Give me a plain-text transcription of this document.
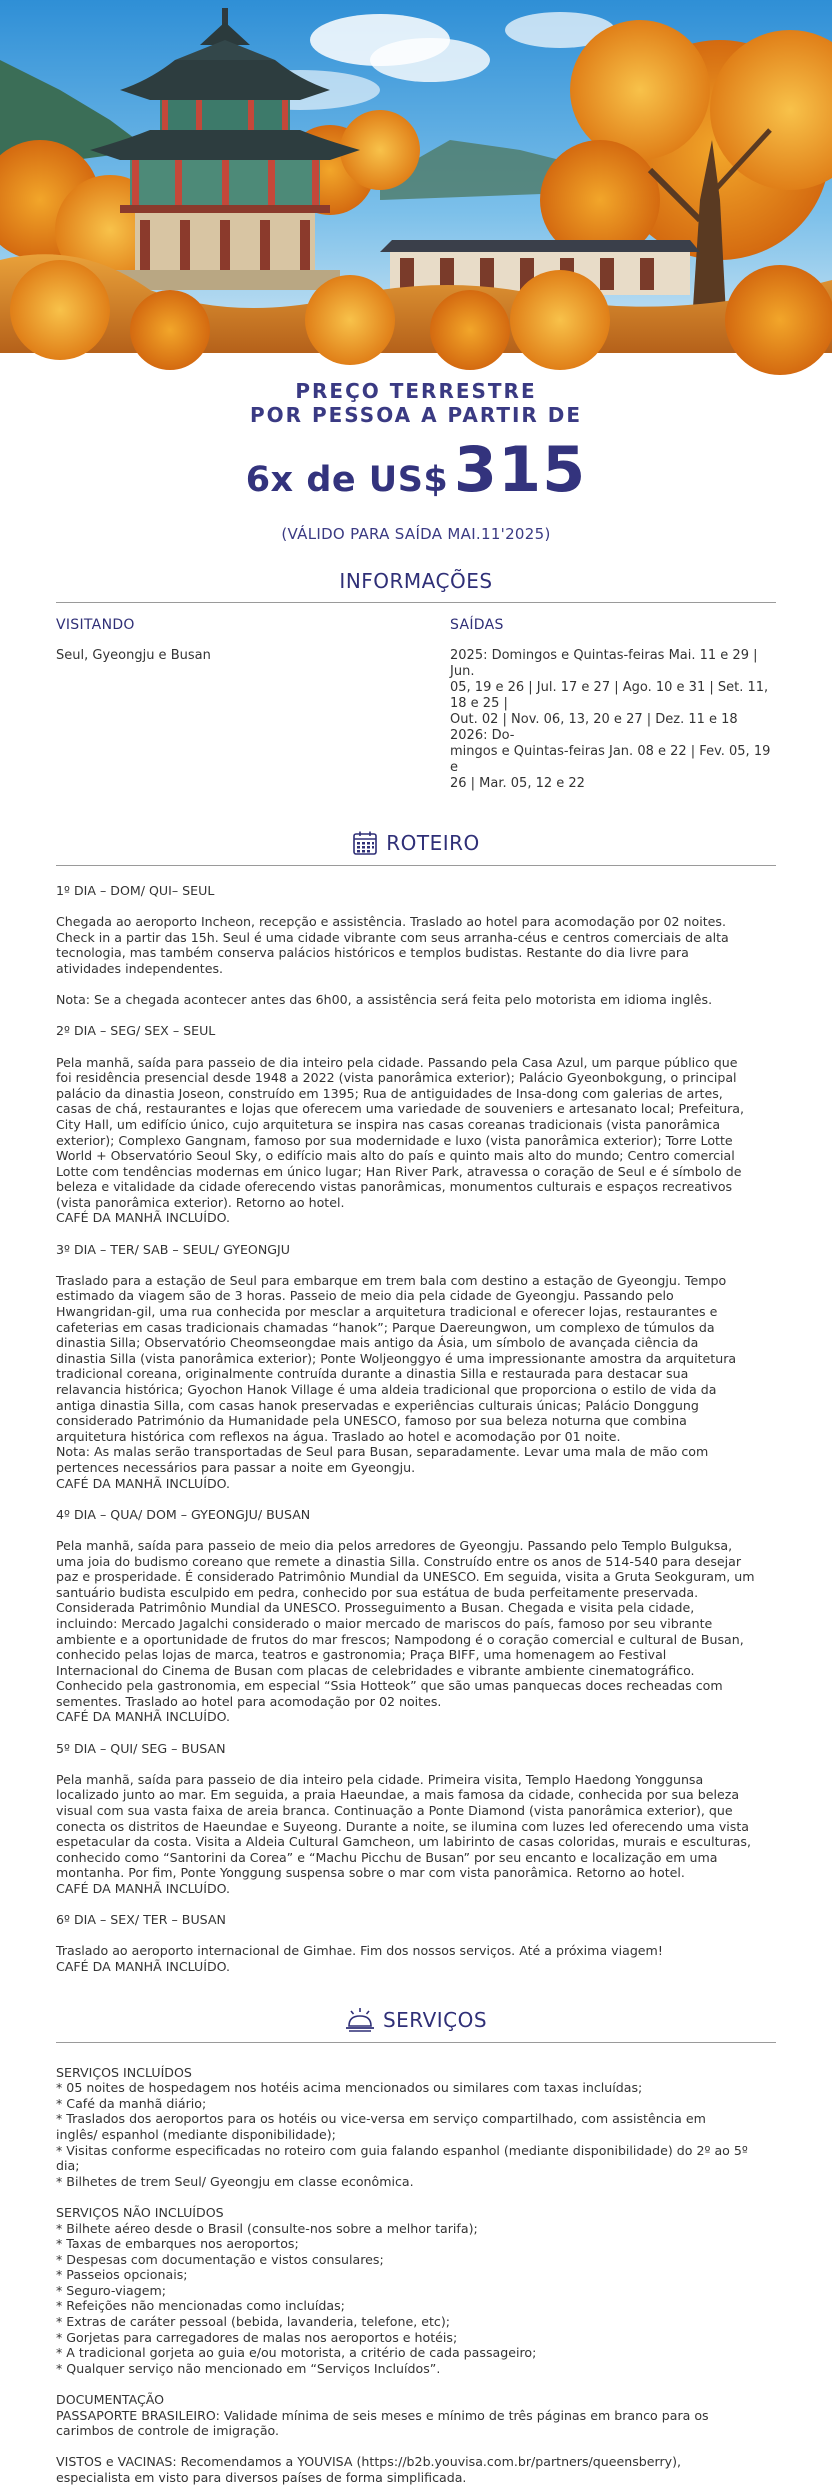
PREÇO TERRESTRE
POR PESSOA A PARTIR DE
6x de US$ 315
(VÁLIDO PARA SAÍDA MAI.11'2025)
INFORMAÇÕES
VISITANDO
Seul, Gyeongju e Busan
SAÍDAS
2025: Domingos e Quintas-feiras Mai. 11 e 29 | Jun.
05, 19 e 26 | Jul. 17 e 27 | Ago. 10 e 31 | Set. 11, 18 e 25 |
Out. 02 | Nov. 06, 13, 20 e 27 | Dez. 11 e 18 2026: Do-
mingos e Quintas-feiras Jan. 08 e 22 | Fev. 05, 19 e
26 | Mar. 05, 12 e 22
ROTEIRO
1º DIA – DOM/ QUI– SEUL
Chegada ao aeroporto Incheon, recepção e assistência. Traslado ao hotel para acomodação por 02 noites.
Check in a partir das 15h. Seul é uma cidade vibrante com seus arranha-céus e centros comerciais de alta
tecnologia, mas também conserva palácios históricos e templos budistas. Restante do dia livre para
atividades independentes.
Nota: Se a chegada acontecer antes das 6h00, a assistência será feita pelo motorista em idioma inglês.
2º DIA – SEG/ SEX – SEUL
Pela manhã, saída para passeio de dia inteiro pela cidade. Passando pela Casa Azul, um parque público que
foi residência presencial desde 1948 a 2022 (vista panorâmica exterior); Palácio Gyeonbokgung, o principal
palácio da dinastia Joseon, construído em 1395; Rua de antiguidades de Insa-dong com galerias de artes,
casas de chá, restaurantes e lojas que oferecem uma variedade de souveniers e artesanato local; Prefeitura,
City Hall, um edifício único, cujo arquitetura se inspira nas casas coreanas tradicionais (vista panorâmica
exterior); Complexo Gangnam, famoso por sua modernidade e luxo (vista panorâmica exterior); Torre Lotte
World + Observatório Seoul Sky, o edifício mais alto do país e quinto mais alto do mundo; Centro comercial
Lotte com tendências modernas em único lugar; Han River Park, atravessa o coração de Seul e é símbolo de
beleza e vitalidade da cidade oferecendo vistas panorâmicas, monumentos culturais e espaços recreativos
(vista panorâmica exterior). Retorno ao hotel.
CAFÉ DA MANHÃ INCLUÍDO.
3º DIA – TER/ SAB – SEUL/ GYEONGJU
Traslado para a estação de Seul para embarque em trem bala com destino a estação de Gyeongju. Tempo
estimado da viagem são de 3 horas. Passeio de meio dia pela cidade de Gyeongju. Passando pelo
Hwangridan-gil, uma rua conhecida por mesclar a arquitetura tradicional e oferecer lojas, restaurantes e
cafeterias em casas tradicionais chamadas “hanok”; Parque Daereungwon, um complexo de túmulos da
dinastia Silla; Observatório Cheomseongdae mais antigo da Ásia, um símbolo de avançada ciência da
dinastia Silla (vista panorâmica exterior); Ponte Woljeonggyo é uma impressionante amostra da arquitetura
tradicional coreana, originalmente contruída durante a dinastia Silla e restaurada para destacar sua
relavancia histórica; Gyochon Hanok Village é uma aldeia tradicional que proporciona o estilo de vida da
antiga dinastia Silla, com casas hanok preservadas e experiências culturais únicas; Palácio Donggung
considerado Património da Humanidade pela UNESCO, famoso por sua beleza noturna que combina
arquitetura histórica com reflexos na água. Traslado ao hotel e acomodação por 01 noite.
Nota: As malas serão transportadas de Seul para Busan, separadamente. Levar uma mala de mão com
pertences necessários para passar a noite em Gyeongju.
CAFÉ DA MANHÃ INCLUÍDO.
4º DIA – QUA/ DOM – GYEONGJU/ BUSAN
Pela manhã, saída para passeio de meio dia pelos arredores de Gyeongju. Passando pelo Templo Bulguksa,
uma joia do budismo coreano que remete a dinastia Silla. Construído entre os anos de 514-540 para desejar
paz e prosperidade. É considerado Patrimônio Mundial da UNESCO. Em seguida, visita a Gruta Seokguram, um
santuário budista esculpido em pedra, conhecido por sua estátua de buda perfeitamente preservada.
Considerada Patrimônio Mundial da UNESCO. Prosseguimento a Busan. Chegada e visita pela cidade,
incluindo: Mercado Jagalchi considerado o maior mercado de mariscos do país, famoso por seu vibrante
ambiente e a oportunidade de frutos do mar frescos; Nampodong é o coração comercial e cultural de Busan,
conhecido pelas lojas de marca, teatros e gastronomia; Praça BIFF, uma homenagem ao Festival
Internacional do Cinema de Busan com placas de celebridades e vibrante ambiente cinematográfico.
Conhecido pela gastronomia, em especial “Ssia Hotteok” que são umas panquecas doces recheadas com
sementes. Traslado ao hotel para acomodação por 02 noites.
CAFÉ DA MANHÃ INCLUÍDO.
5º DIA – QUI/ SEG – BUSAN
Pela manhã, saída para passeio de dia inteiro pela cidade. Primeira visita, Templo Haedong Yonggunsa
localizado junto ao mar. Em seguida, a praia Haeundae, a mais famosa da cidade, conhecida por sua beleza
visual com sua vasta faixa de areia branca. Continuação a Ponte Diamond (vista panorâmica exterior), que
conecta os distritos de Haeundae e Suyeong. Durante a noite, se ilumina com luzes led oferecendo uma vista
espetacular da costa. Visita a Aldeia Cultural Gamcheon, um labirinto de casas coloridas, murais e esculturas,
conhecido como “Santorini da Corea” e “Machu Picchu de Busan” por seu encanto e localização em uma
montanha. Por fim, Ponte Yonggung suspensa sobre o mar com vista panorâmica. Retorno ao hotel.
CAFÉ DA MANHÃ INCLUÍDO.
6º DIA – SEX/ TER – BUSAN
Traslado ao aeroporto internacional de Gimhae. Fim dos nossos serviços. Até a próxima viagem!
CAFÉ DA MANHÃ INCLUÍDO.
SERVIÇOS
SERVIÇOS INCLUÍDOS
* 05 noites de hospedagem nos hotéis acima mencionados ou similares com taxas incluídas;
* Café da manhã diário;
* Traslados dos aeroportos para os hotéis ou vice-versa em serviço compartilhado, com assistência em
inglês/ espanhol (mediante disponibilidade);
* Visitas conforme especificadas no roteiro com guia falando espanhol (mediante disponibilidade) do 2º ao 5º
dia;
* Bilhetes de trem Seul/ Gyeongju em classe econômica.
SERVIÇOS NÃO INCLUÍDOS
* Bilhete aéreo desde o Brasil (consulte-nos sobre a melhor tarifa);
* Taxas de embarques nos aeroportos;
* Despesas com documentação e vistos consulares;
* Passeios opcionais;
* Seguro-viagem;
* Refeições não mencionadas como incluídas;
* Extras de caráter pessoal (bebida, lavanderia, telefone, etc);
* Gorjetas para carregadores de malas nos aeroportos e hotéis;
* A tradicional gorjeta ao guia e/ou motorista, a critério de cada passageiro;
* Qualquer serviço não mencionado em “Serviços Incluídos”.
DOCUMENTAÇÃO
PASSAPORTE BRASILEIRO: Validade mínima de seis meses e mínimo de três páginas em branco para os
carimbos de controle de imigração.
VISTOS e VACINAS: Recomendamos a YOUVISA (https://b2b.youvisa.com.br/partners/queensberry),
especialista em visto para diversos países de forma simplificada.
